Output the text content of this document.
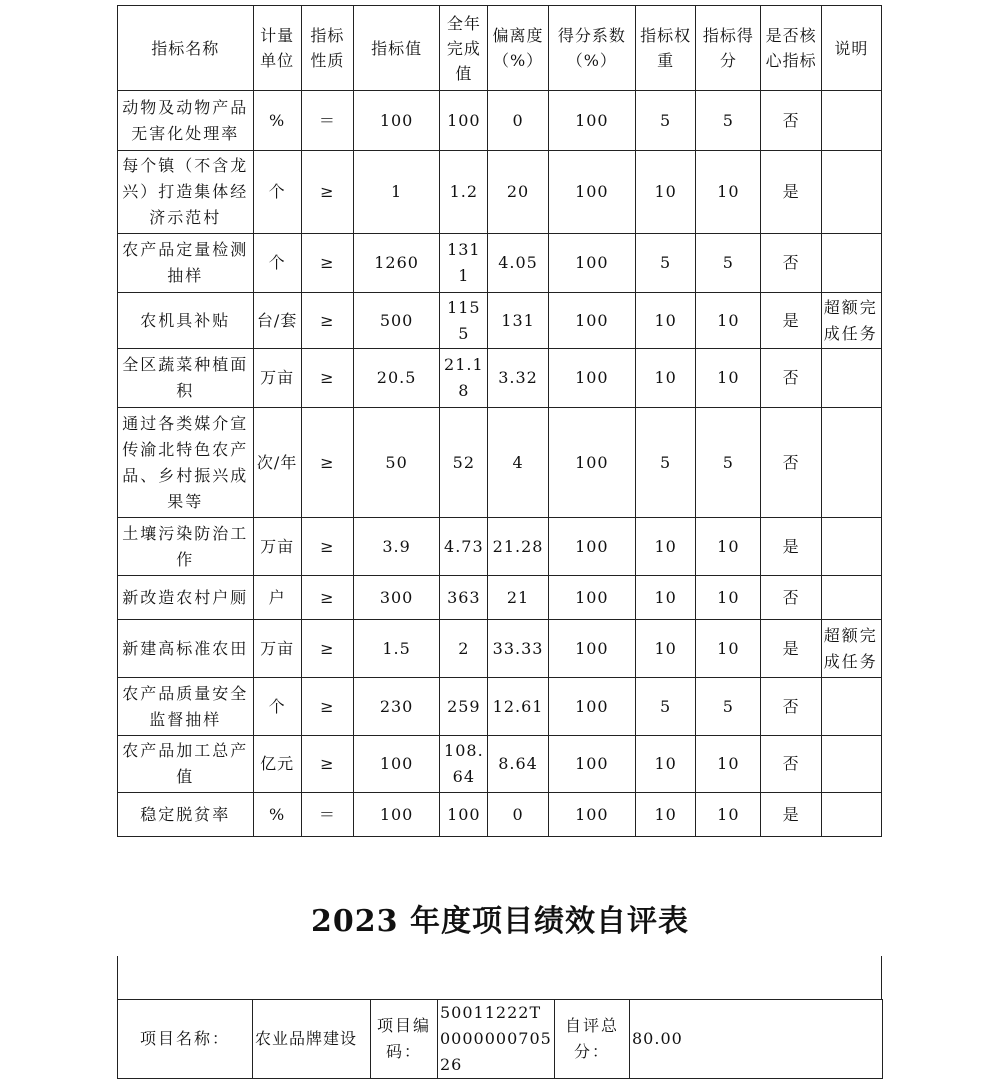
指标名称	计量单位	指标性质	指标值	全年完成值	偏离度（%）	得分系数（%）	指标权重	指标得分	是否核心指标	说明
动物及动物产品无害化处理率	%	＝	100	100	0	100	5	5	否	
每个镇（不含龙兴）打造集体经济示范村	个	≥	1	1.2	20	100	10	10	是	
农产品定量检测抽样	个	≥	1260	1311	4.05	100	5	5	否	
农机具补贴	台/套	≥	500	1155	131	100	10	10	是	超额完成任务
全区蔬菜种植面积	万亩	≥	20.5	21.18	3.32	100	10	10	否	
通过各类媒介宣传渝北特色农产品、乡村振兴成果等	次/年	≥	50	52	4	100	5	5	否	
土壤污染防治工作	万亩	≥	3.9	4.73	21.28	100	10	10	是	
新改造农村户厕	户	≥	300	363	21	100	10	10	否	
新建高标准农田	万亩	≥	1.5	2	33.33	100	10	10	是	超额完成任务
农产品质量安全监督抽样	个	≥	230	259	12.61	100	5	5	否	
农产品加工总产值	亿元	≥	100	108.64	8.64	100	10	10	否	
稳定脱贫率	%	＝	100	100	0	100	10	10	是	
2023 年度项目绩效自评表
项目名称：	农业品牌建设	项目编码：	50011222T000000070526	自评总分：	80.00
